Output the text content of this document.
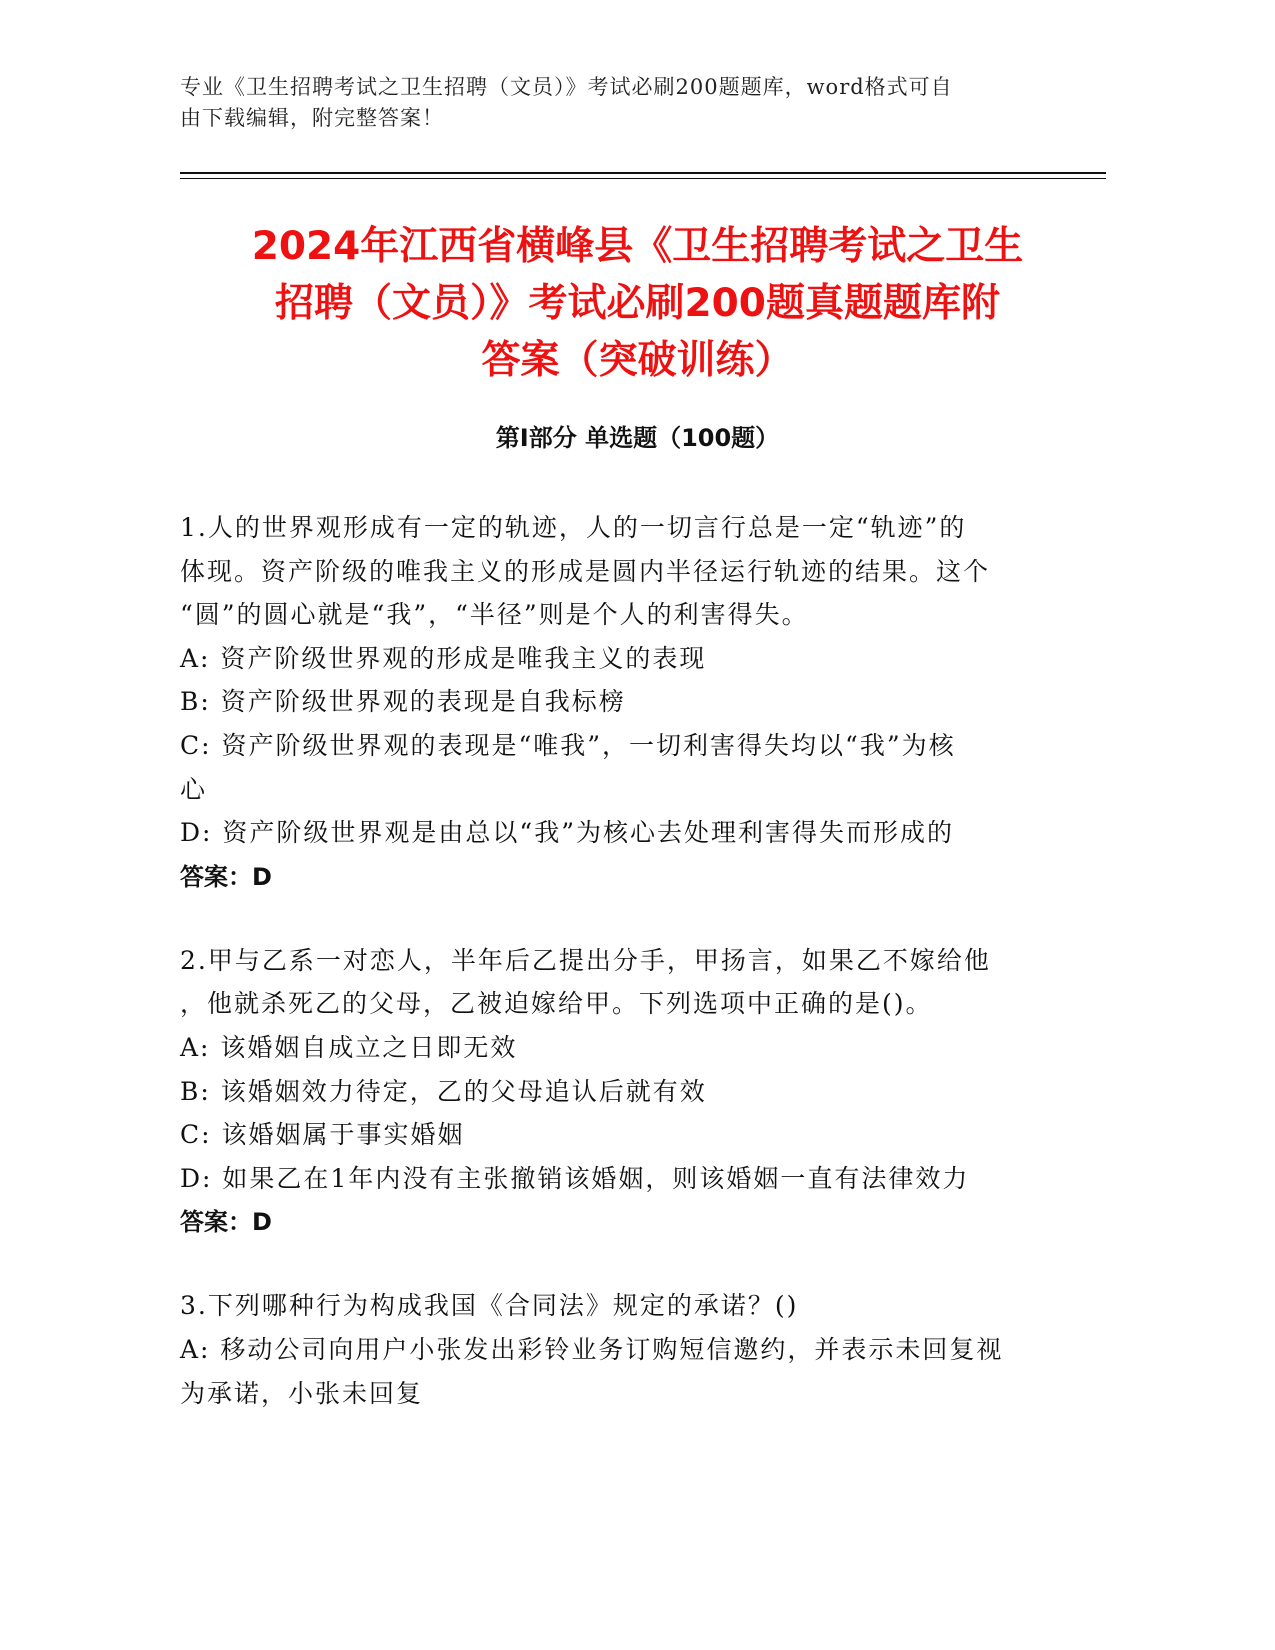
专业《卫生招聘考试之卫生招聘（文员）》考试必刷200题题库，word格式可自
由下载编辑，附完整答案！
2024年江西省横峰县《卫生招聘考试之卫生
招聘（文员）》考试必刷200题真题题库附
答案（突破训练）
第Ⅰ部分 单选题（100题）

1.人的世界观形成有一定的轨迹，人的一切言行总是一定“轨迹”的

体现。资产阶级的唯我主义的形成是圆内半径运行轨迹的结果。这个

“圆”的圆心就是“我”，“半径”则是个人的利害得失。

A: 资产阶级世界观的形成是唯我主义的表现

B: 资产阶级世界观的表现是自我标榜

C: 资产阶级世界观的表现是“唯我”，一切利害得失均以“我”为核

心

D: 资产阶级世界观是由总以“我”为核心去处理利害得失而形成的

答案：D

2.甲与乙系一对恋人，半年后乙提出分手，甲扬言，如果乙不嫁给他

，他就杀死乙的父母，乙被迫嫁给甲。下列选项中正确的是()。

A: 该婚姻自成立之日即无效

B: 该婚姻效力待定，乙的父母追认后就有效

C: 该婚姻属于事实婚姻

D: 如果乙在1年内没有主张撤销该婚姻，则该婚姻一直有法律效力

答案：D

3.下列哪种行为构成我国《合同法》规定的承诺？()

A: 移动公司向用户小张发出彩铃业务订购短信邀约，并表示未回复视

为承诺，小张未回复
